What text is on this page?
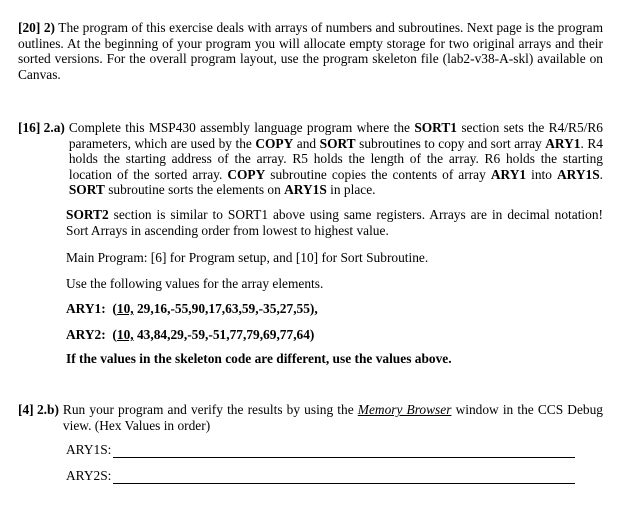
[20] 2) The program of this exercise deals with arrays of numbers and subroutines. Next page is the program outlines. At the beginning of your program you will allocate empty storage for two original arrays and their sorted versions. For the overall program layout, use the program skeleton file (lab2-v38-A-skl) available on Canvas.

[16] 2.a) Complete this MSP430 assembly language program where the SORT1 section sets the R4/R5/R6 parameters, which are used by the COPY and SORT subroutines to copy and sort array ARY1. R4 holds the starting address of the array. R5 holds the length of the array. R6 holds the starting location of the sorted array. COPY subroutine copies the contents of array ARY1 into ARY1S. SORT subroutine sorts the elements on ARY1S in place.

SORT2 section is similar to SORT1 above using same registers. Arrays are in decimal notation! Sort Arrays in ascending order from lowest to highest value.

Main Program: [6] for Program setup, and [10] for Sort Subroutine.

Use the following values for the array elements.

ARY1: (10, 29,16,-55,90,17,63,59,-35,27,55),
ARY2: (10, 43,84,29,-59,-51,77,79,69,77,64)
If the values in the skeleton code are different, use the values above.
[4] 2.b) Run your program and verify the results by using the Memory Browser window in the CCS Debug view. (Hex Values in order)
ARY1S:
ARY2S:
